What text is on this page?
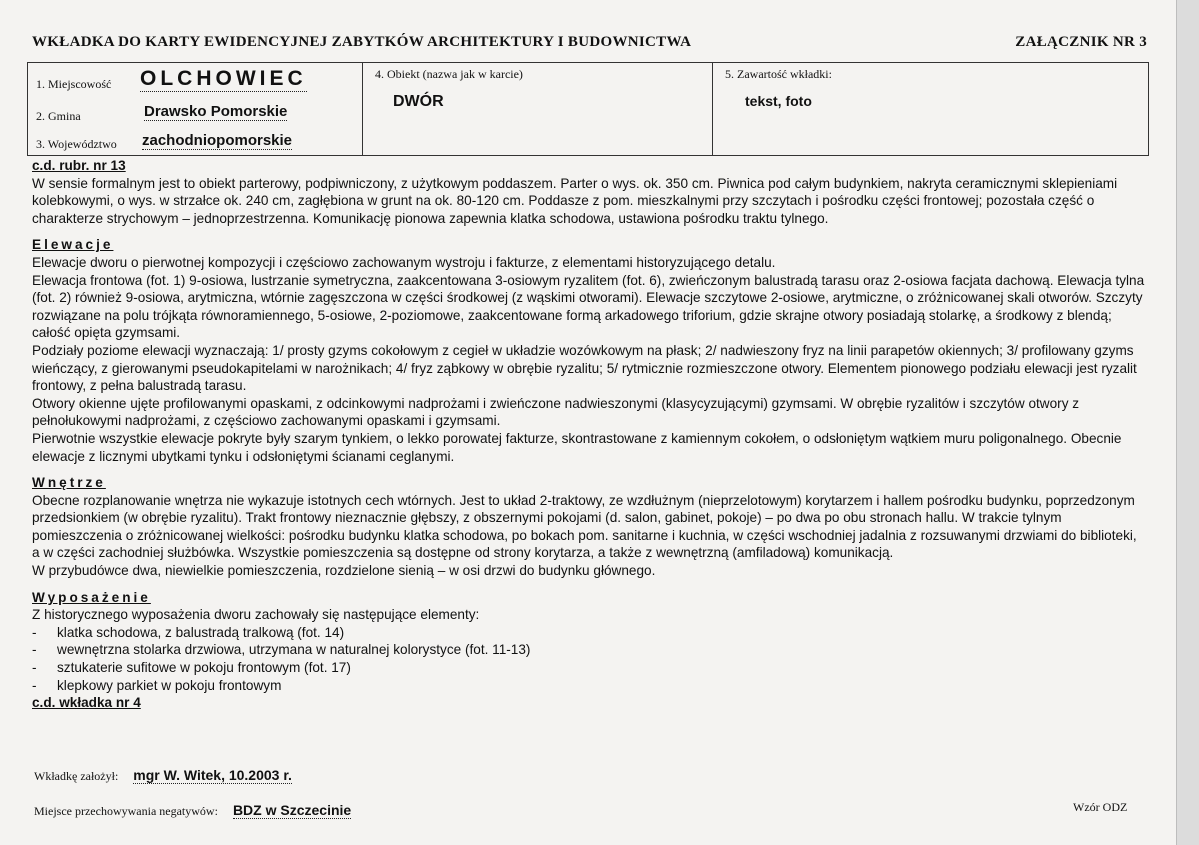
WKŁADKA DO KARTY EWIDENCYJNEJ ZABYTKÓW ARCHITEKTURY I BUDOWNICTWA	ZAŁĄCZNIK NR 3
1. Miejscowość OLCHOWIEC
2. Gmina	Drawsko Pomorskie
3. Województwo zachodniopomorskie
4. Obiekt (nazwa jak w karcie)
DWÓR
5. Zawartość wkładki:
tekst, foto

c.d. rubr. nr 13

W sensie formalnym jest to obiekt parterowy, podpiwniczony, z użytkowym poddaszem. Parter o wys. ok. 350 cm. Piwnica pod całym budynkiem, nakryta ceramicznymi sklepieniami kolebkowymi, o wys. w strzałce ok. 240 cm, zagłębiona w grunt na ok. 80-120 cm. Poddasze z pom. mieszkalnymi przy szczytach i pośrodku części frontowej; pozostała część o charakterze strychowym – jednoprzestrzenna. Komunikację pionowa zapewnia klatka schodowa, ustawiona pośrodku traktu tylnego.

Elewacje

Elewacje dworu o pierwotnej kompozycji i częściowo zachowanym wystroju i fakturze, z elementami historyzującego detalu.

Elewacja frontowa (fot. 1) 9-osiowa, lustrzanie symetryczna, zaakcentowana 3-osiowym ryzalitem (fot. 6), zwieńczonym balustradą tarasu oraz 2-osiowa facjata dachową. Elewacja tylna (fot. 2) również 9-osiowa, arytmiczna, wtórnie zagęszczona w części środkowej (z wąskimi otworami). Elewacje szczytowe 2-osiowe, arytmiczne, o zróżnicowanej skali otworów. Szczyty rozwiązane na polu trójkąta równoramiennego, 5-osiowe, 2-poziomowe, zaakcentowane formą arkadowego triforium, gdzie skrajne otwory posiadają stolarkę, a środkowy z blendą; całość opięta gzymsami.

Podziały poziome elewacji wyznaczają: 1/ prosty gzyms cokołowym z cegieł w układzie wozówkowym na płask; 2/ nadwieszony fryz na linii parapetów okiennych; 3/ profilowany gzyms wieńczący, z gierowanymi pseudokapitelami w narożnikach; 4/ fryz ząbkowy w obrębie ryzalitu; 5/ rytmicznie rozmieszczone otwory. Elementem pionowego podziału elewacji jest ryzalit frontowy, z pełna balustradą tarasu.

Otwory okienne ujęte profilowanymi opaskami, z odcinkowymi nadprożami i zwieńczone nadwieszonymi (klasycyzującymi) gzymsami. W obrębie ryzalitów i szczytów otwory z pełnołukowymi nadprożami, z częściowo zachowanymi opaskami i gzymsami.

Pierwotnie wszystkie elewacje pokryte były szarym tynkiem, o lekko porowatej fakturze, skontrastowane z kamiennym cokołem, o odsłoniętym wątkiem muru poligonalnego. Obecnie elewacje z licznymi ubytkami tynku i odsłoniętymi ścianami ceglanymi.

Wnętrze

Obecne rozplanowanie wnętrza nie wykazuje istotnych cech wtórnych. Jest to układ 2-traktowy, ze wzdłużnym (nieprzelotowym) korytarzem i hallem pośrodku budynku, poprzedzonym przedsionkiem (w obrębie ryzalitu). Trakt frontowy nieznacznie głębszy, z obszernymi pokojami (d. salon, gabinet, pokoje) – po dwa po obu stronach hallu. W trakcie tylnym pomieszczenia o zróżnicowanej wielkości: pośrodku budynku klatka schodowa, po bokach pom. sanitarne i kuchnia, w części wschodniej jadalnia z rozsuwanymi drzwiami do biblioteki, a w części zachodniej służbówka. Wszystkie pomieszczenia są dostępne od strony korytarza, a także z wewnętrzną (amfiladową) komunikacją.

W przybudówce dwa, niewielkie pomieszczenia, rozdzielone sienią – w osi drzwi do budynku głównego.

Wyposażenie

Z historycznego wyposażenia dworu zachowały się następujące elementy:

-	klatka schodowa, z balustradą tralkową (fot. 14)
-	wewnętrzna stolarka drzwiowa, utrzymana w naturalnej kolorystyce (fot. 11-13)
-	sztukaterie sufitowe w pokoju frontowym (fot. 17)
-	klepkowy parkiet w pokoju frontowym

c.d. wkładka nr 4

Wkładkę założył: mgr W. Witek, 10.2003 r.
Miejsce przechowywania negatywów: BDZ w Szczecinie	Wzór ODZ
